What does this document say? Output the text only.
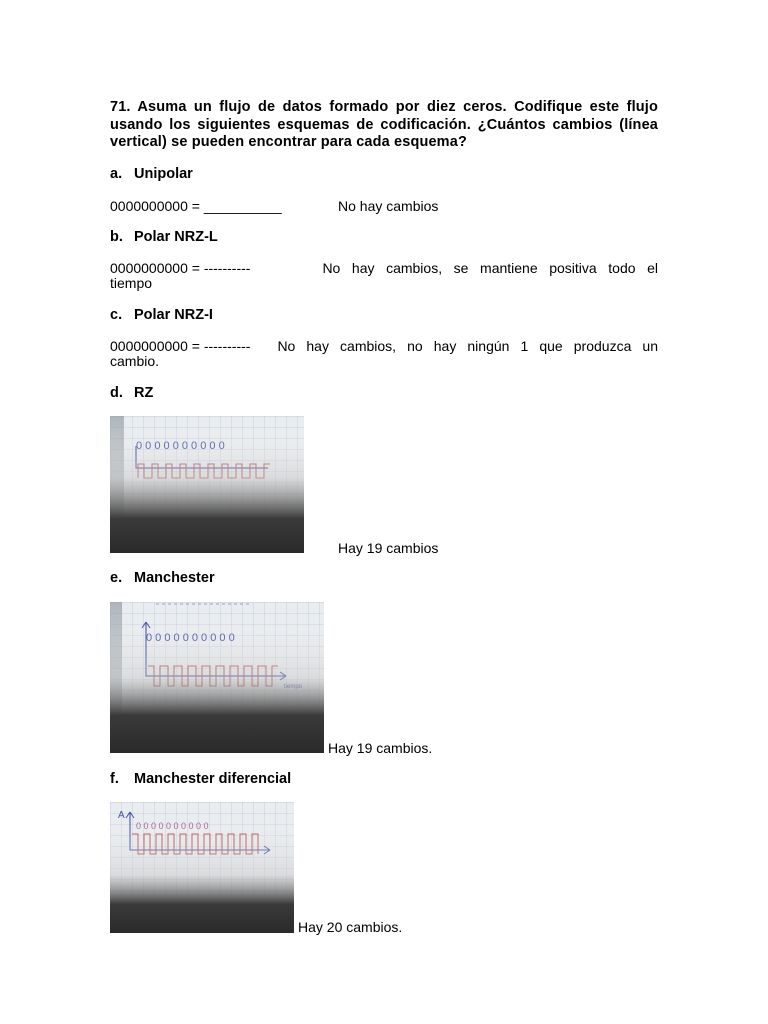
71. Asuma un flujo de datos formado por diez ceros. Codifique este flujo usando los siguientes esquemas de codificación. ¿Cuántos cambios (línea vertical) se pueden encontrar para cada esquema?
a. Unipolar
0000000000 = __________	No hay cambios
b. Polar NRZ-L
0000000000 = ----------	No hay cambios, se mantiene positiva todo el
tiempo
c. Polar NRZ-I
0000000000 = ---------- No hay cambios, no hay ningún 1 que produzca un
cambio.
d. RZ
Hay 19 cambios
e. Manchester
Hay 19 cambios.
f. Manchester diferencial
Hay 20 cambios.
